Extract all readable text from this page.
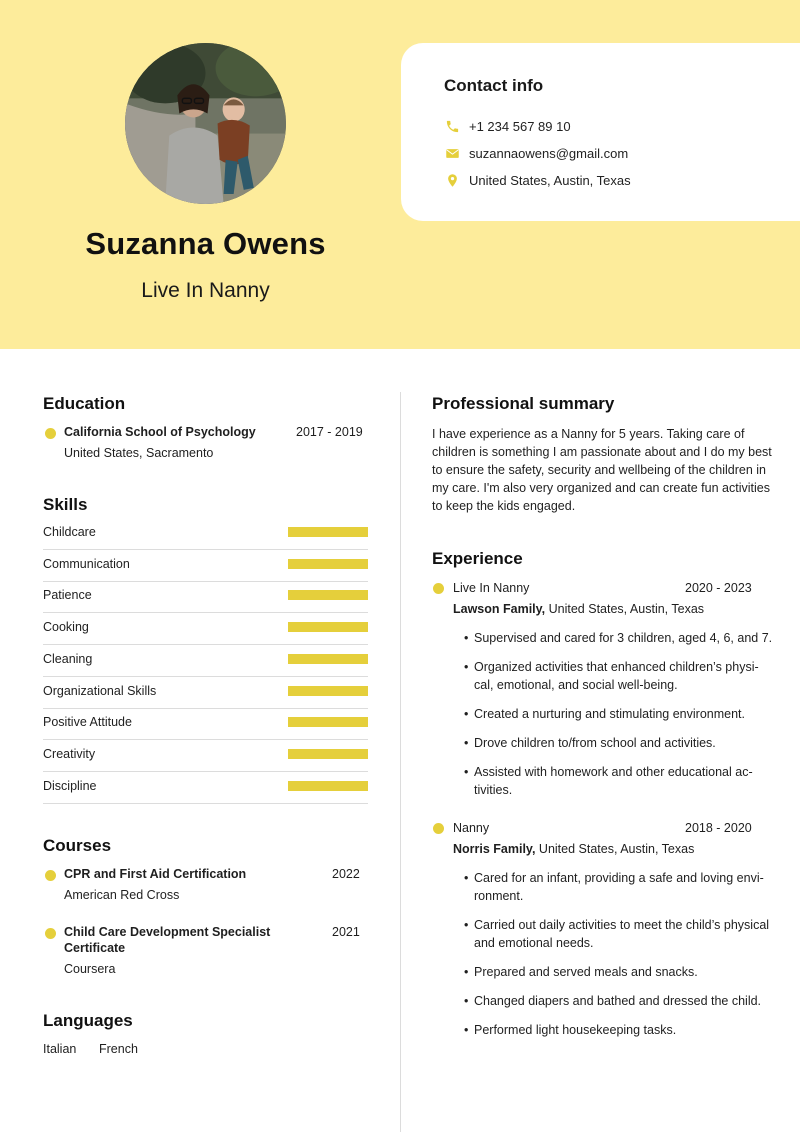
Suzanna Owens
Live In Nanny
Contact info
+1 234 567 89 10
suzannaowens@gmail.com
United States, Austin, Texas
Education
California School of Psychology	2017 - 2019
United States, Sacramento
Skills
Childcare
Communication
Patience
Cooking
Cleaning
Organizational Skills
Positive Attitude
Creativity
Discipline
Courses
CPR and First Aid Certification	2022
American Red Cross
Child Care Development Specialist
Certificate
2021
Coursera
Languages
Italian French
Professional summary
I have experience as a Nanny for 5 years. Taking care of children is something I am passionate about and I do my best to ensure the safety, security and wellbeing of the children in my care. I'm also very organized and can create fun activities to keep the kids engaged.
Experience
Live In Nanny	2020 - 2023
Lawson Family, United States, Austin, Texas
• Supervised and cared for 3 children, aged 4, 6, and 7.
• Organized activities that enhanced children’s physi-
cal, emotional, and social well-being.
• Created a nurturing and stimulating environment.
• Drove children to/from school and activities.
• Assisted with homework and other educational ac-
tivities.
Nanny	2018 - 2020
Norris Family, United States, Austin, Texas
• Cared for an infant, providing a safe and loving envi-
ronment.
• Carried out daily activities to meet the child’s physical
and emotional needs.
• Prepared and served meals and snacks.
• Changed diapers and bathed and dressed the child.
• Performed light housekeeping tasks.
